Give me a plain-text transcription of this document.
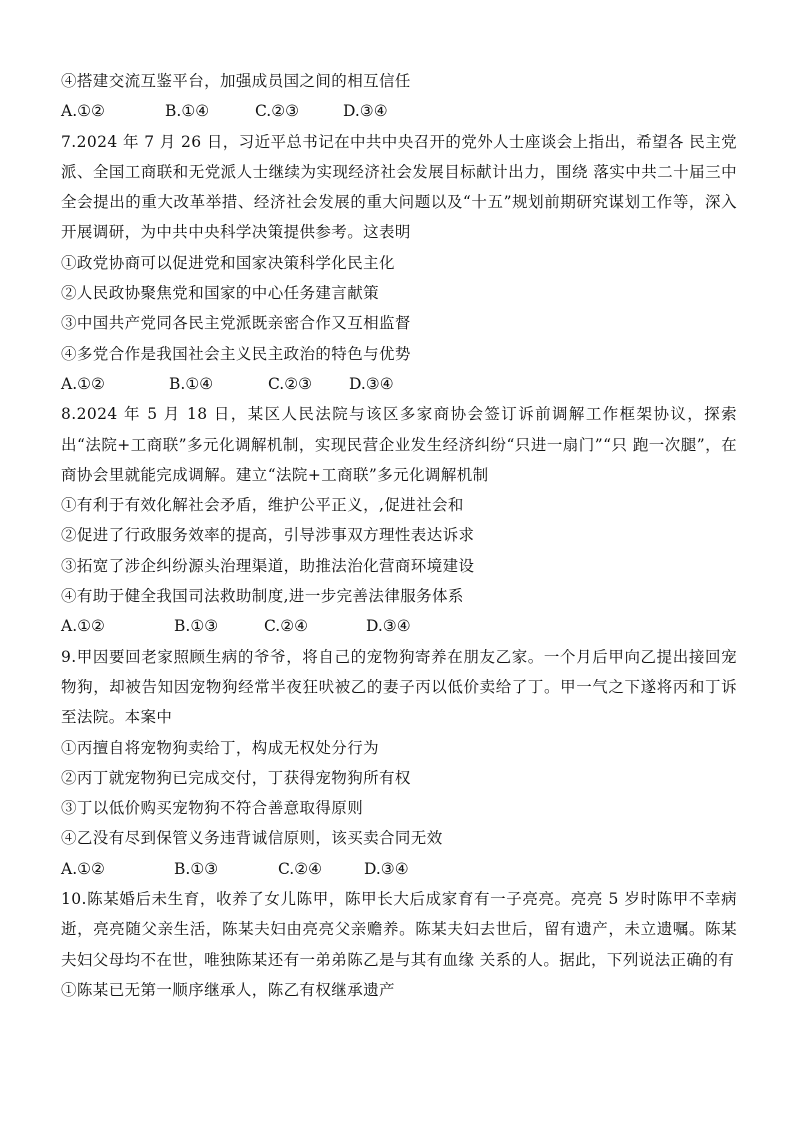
④搭建交流互鉴平台，加强成员国之间的相互信任
A.①②	B.①④	C.②③	D.③④
7.2024 年 7 月 26 日，习近平总书记在中共中央召开的党外人士座谈会上指出，希望各 民主党派、全国工商联和无党派人士继续为实现经济社会发展目标献计出力，围绕 落实中共二十届三中全会提出的重大改革举措、经济社会发展的重大问题以及“十五”规划前期研究谋划工作等，深入开展调研，为中共中央科学决策提供参考。这表明
①政党协商可以促进党和国家决策科学化民主化
②人民政协聚焦党和国家的中心任务建言献策
③中国共产党同各民主党派既亲密合作又互相监督
④多党合作是我国社会主义民主政治的特色与优势
A.①②	B.①④	C.②③	D.③④
8.2024 年 5 月 18 日，某区人民法院与该区多家商协会签订诉前调解工作框架协议，探索出“法院+工商联”多元化调解机制，实现民营企业发生经济纠纷“只进一扇门”“只 跑一次腿”，在商协会里就能完成调解。建立“法院+工商联”多元化调解机制
①有利于有效化解社会矛盾，维护公平正义，,促进社会和
②促进了行政服务效率的提高，引导涉事双方理性表达诉求
③拓宽了涉企纠纷源头治理渠道，助推法治化营商环境建设
④有助于健全我国司法救助制度,进一步完善法律服务体系
A.①②	B.①③	C.②④	D.③④
9.甲因要回老家照顾生病的爷爷，将自己的宠物狗寄养在朋友乙家。一个月后甲向乙提出接回宠物狗，却被告知因宠物狗经常半夜狂吠被乙的妻子丙以低价卖给了丁。甲一气之下遂将丙和丁诉至法院。本案中
①丙擅自将宠物狗卖给丁，构成无权处分行为
②丙丁就宠物狗已完成交付，丁获得宠物狗所有权
③丁以低价购买宠物狗不符合善意取得原则
④乙没有尽到保管义务违背诚信原则，该买卖合同无效
A.①②	B.①③	C.②④	D.③④
10.陈某婚后未生育，收养了女儿陈甲，陈甲长大后成家育有一子亮亮。亮亮 5 岁时陈甲不幸病逝，亮亮随父亲生活，陈某夫妇由亮亮父亲赡养。陈某夫妇去世后，留有遗产，未立遗嘱。陈某夫妇父母均不在世，唯独陈某还有一弟弟陈乙是与其有血缘 关系的人。据此，下列说法正确的有
①陈某已无第一顺序继承人，陈乙有权继承遗产
